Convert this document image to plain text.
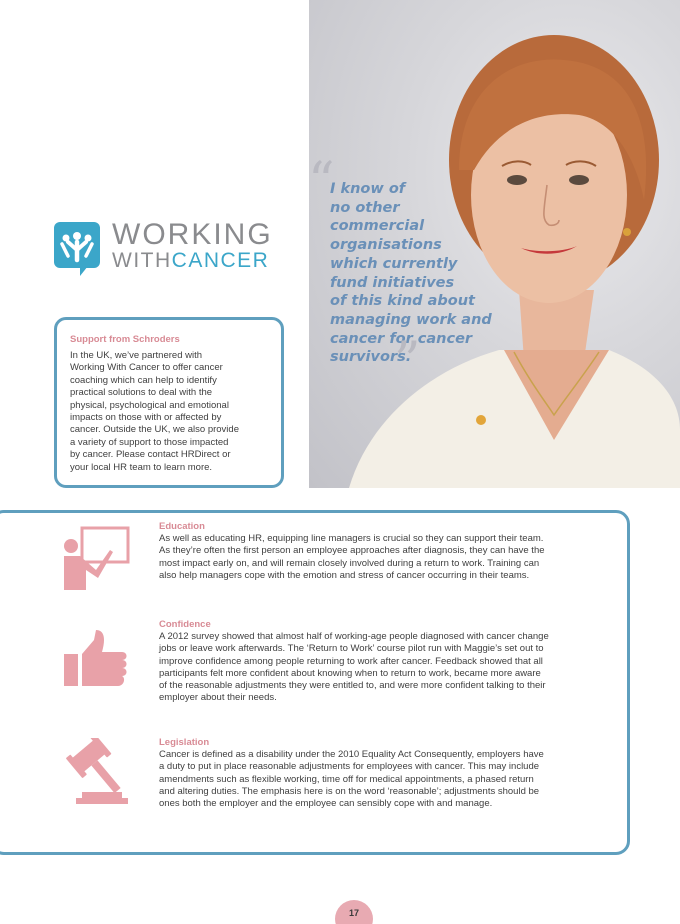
“
I know of
no other
commercial
organisations
which currently
fund initiatives
of this kind about
managing work and
cancer for cancer
survivors.
”
WORKING
WITHCANCER
Support from Schroders
In the UK, we’ve partnered with
Working With Cancer to offer cancer
coaching which can help to identify
practical solutions to deal with the
physical, psychological and emotional
impacts on those with or affected by
cancer. Outside the UK, we also provide
a variety of support to those impacted
by cancer. Please contact HRDirect or
your local HR team to learn more.
Education
As well as educating HR, equipping line managers is crucial so they can support their team.
As they’re often the first person an employee approaches after diagnosis, they can have the
most impact early on, and will remain closely involved during a return to work. Training can
also help managers cope with the emotion and stress of cancer occurring in their teams.
Confidence
A 2012 survey showed that almost half of working-age people diagnosed with cancer change
jobs or leave work afterwards. The ‘Return to Work’ course pilot run with Maggie’s set out to
improve confidence among people returning to work after cancer. Feedback showed that all
participants felt more confident about knowing when to return to work, became more aware
of the reasonable adjustments they were entitled to, and were more confident talking to their
employer about their needs.
Legislation
Cancer is defined as a disability under the 2010 Equality Act Consequently, employers have
a duty to put in place reasonable adjustments for employees with cancer. This may include
amendments such as flexible working, time off for medical appointments, a phased return
and altering duties. The emphasis here is on the word ‘reasonable’; adjustments should be
ones both the employer and the employee can sensibly cope with and manage.
17
